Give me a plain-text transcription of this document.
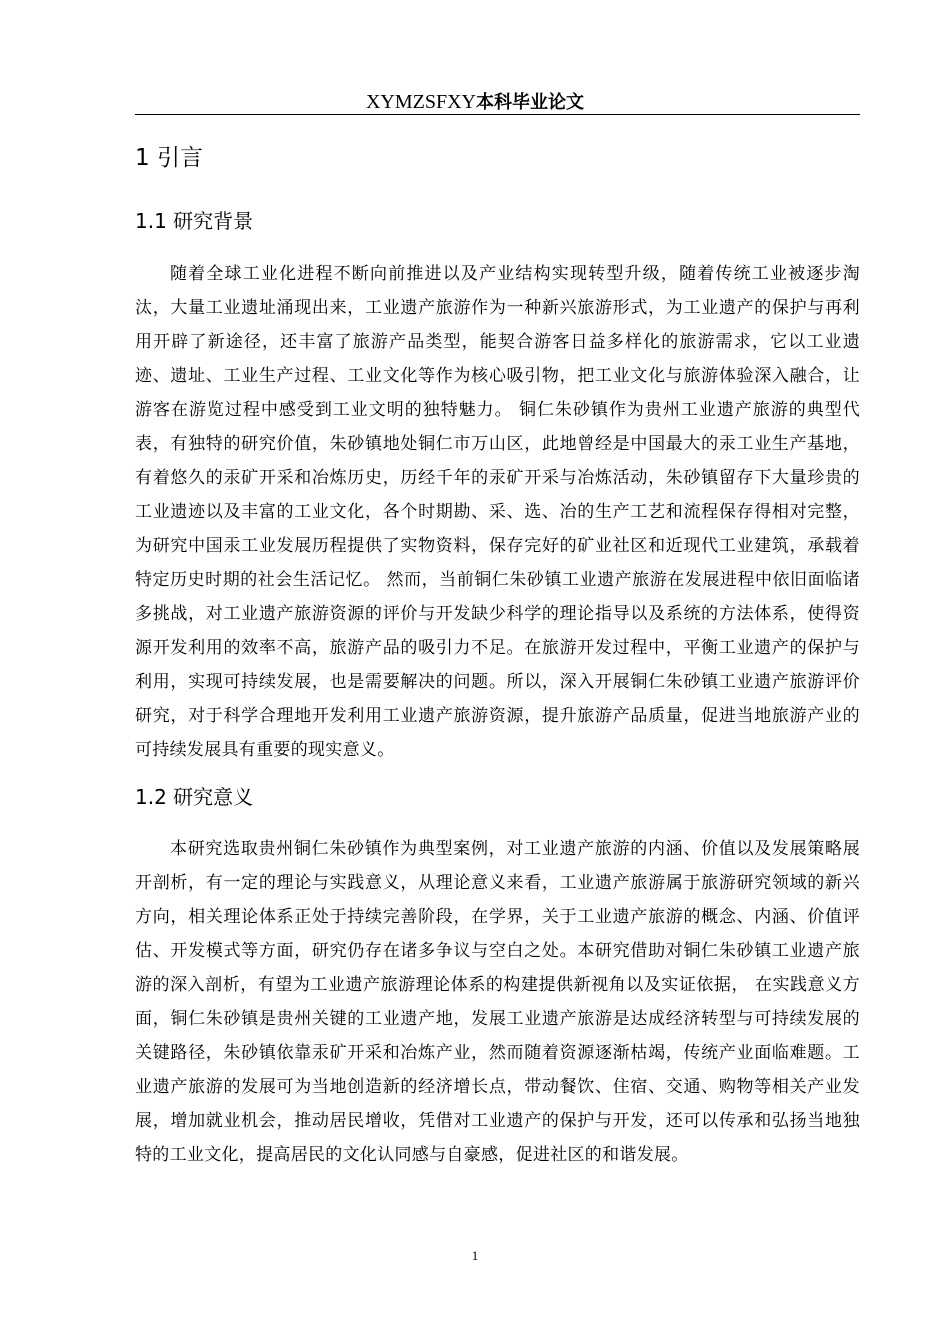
XYMZSFXY本科毕业论文
1 引言
1.1 研究背景
随着全球工业化进程不断向前推进以及产业结构实现转型升级，随着传统工业被逐步淘汰，大量工业遗址涌现出来，工业遗产旅游作为一种新兴旅游形式，为工业遗产的保护与再利用开辟了新途径，还丰富了旅游产品类型，能契合游客日益多样化的旅游需求，它以工业遗迹、遗址、工业生产过程、工业文化等作为核心吸引物，把工业文化与旅游体验深入融合，让游客在游览过程中感受到工业文明的独特魅力。 铜仁朱砂镇作为贵州工业遗产旅游的典型代表，有独特的研究价值，朱砂镇地处铜仁市万山区，此地曾经是中国最大的汞工业生产基地，有着悠久的汞矿开采和冶炼历史，历经千年的汞矿开采与冶炼活动，朱砂镇留存下大量珍贵的工业遗迹以及丰富的工业文化，各个时期勘、采、选、冶的生产工艺和流程保存得相对完整，为研究中国汞工业发展历程提供了实物资料，保存完好的矿业社区和近现代工业建筑，承载着特定历史时期的社会生活记忆。 然而，当前铜仁朱砂镇工业遗产旅游在发展进程中依旧面临诸多挑战，对工业遗产旅游资源的评价与开发缺少科学的理论指导以及系统的方法体系，使得资源开发利用的效率不高，旅游产品的吸引力不足。在旅游开发过程中，平衡工业遗产的保护与利用，实现可持续发展，也是需要解决的问题。所以，深入开展铜仁朱砂镇工业遗产旅游评价研究，对于科学合理地开发利用工业遗产旅游资源，提升旅游产品质量，促进当地旅游产业的可持续发展具有重要的现实意义。
1.2 研究意义
本研究选取贵州铜仁朱砂镇作为典型案例，对工业遗产旅游的内涵、价值以及发展策略展开剖析，有一定的理论与实践意义，从理论意义来看，工业遗产旅游属于旅游研究领域的新兴方向，相关理论体系正处于持续完善阶段，在学界，关于工业遗产旅游的概念、内涵、价值评估、开发模式等方面，研究仍存在诸多争议与空白之处。本研究借助对铜仁朱砂镇工业遗产旅游的深入剖析，有望为工业遗产旅游理论体系的构建提供新视角以及实证依据， 在实践意义方面，铜仁朱砂镇是贵州关键的工业遗产地，发展工业遗产旅游是达成经济转型与可持续发展的关键路径，朱砂镇依靠汞矿开采和冶炼产业，然而随着资源逐渐枯竭，传统产业面临难题。工业遗产旅游的发展可为当地创造新的经济增长点，带动餐饮、住宿、交通、购物等相关产业发展，增加就业机会，推动居民增收，凭借对工业遗产的保护与开发，还可以传承和弘扬当地独特的工业文化，提高居民的文化认同感与自豪感，促进社区的和谐发展。
1
